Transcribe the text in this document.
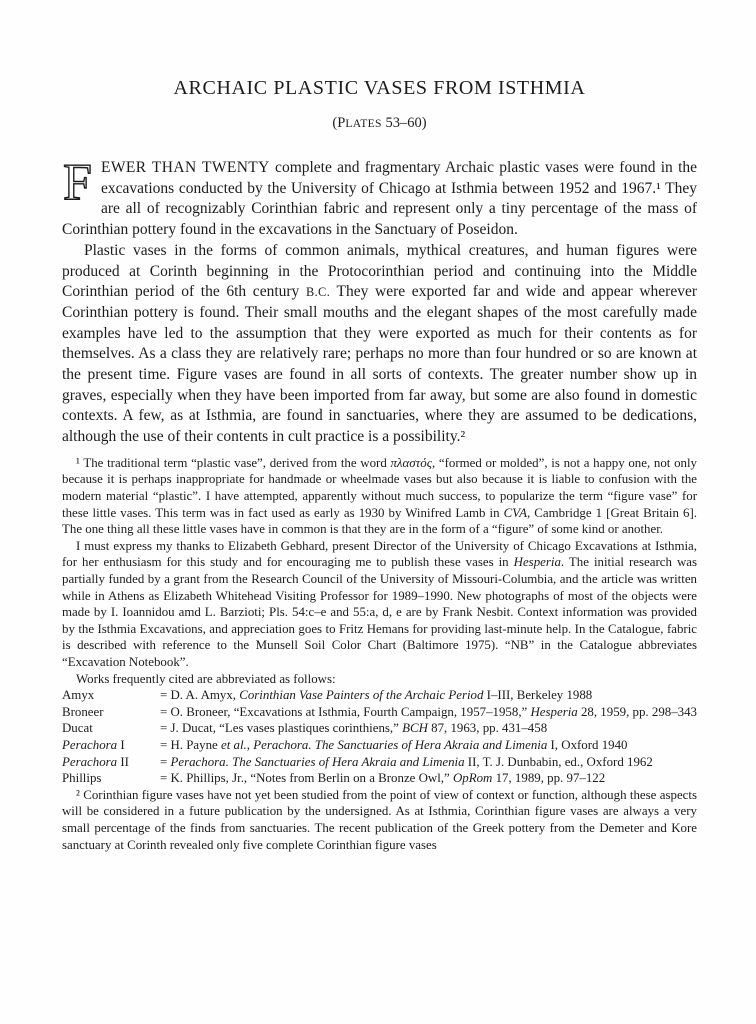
ARCHAIC PLASTIC VASES FROM ISTHMIA

(PLATES 53–60)

F EWER THAN TWENTY complete and fragmentary Archaic plastic vases were found in the excavations conducted by the University of Chicago at Isthmia between 1952 and 1967.¹ They are all of recognizably Corinthian fabric and represent only a tiny percentage of the mass of Corinthian pottery found in the excavations in the Sanctuary of Poseidon.

Plastic vases in the forms of common animals, mythical creatures, and human figures were produced at Corinth beginning in the Protocorinthian period and continuing into the Middle Corinthian period of the 6th century B.C. They were exported far and wide and appear wherever Corinthian pottery is found. Their small mouths and the elegant shapes of the most carefully made examples have led to the assumption that they were exported as much for their contents as for themselves. As a class they are relatively rare; perhaps no more than four hundred or so are known at the present time. Figure vases are found in all sorts of contexts. The greater number show up in graves, especially when they have been imported from far away, but some are also found in domestic contexts. A few, as at Isthmia, are found in sanctuaries, where they are assumed to be dedications, although the use of their contents in cult practice is a possibility.²

¹ The traditional term “plastic vase”, derived from the word πλαστός, “formed or molded”, is not a happy one, not only because it is perhaps inappropriate for handmade or wheelmade vases but also because it is liable to confusion with the modern material “plastic”. I have attempted, apparently without much success, to popularize the term “figure vase” for these little vases. This term was in fact used as early as 1930 by Winifred Lamb in CVA, Cambridge 1 [Great Britain 6]. The one thing all these little vases have in common is that they are in the form of a “figure” of some kind or another.

I must express my thanks to Elizabeth Gebhard, present Director of the University of Chicago Excavations at Isthmia, for her enthusiasm for this study and for encouraging me to publish these vases in Hesperia. The initial research was partially funded by a grant from the Research Council of the University of Missouri-Columbia, and the article was written while in Athens as Elizabeth Whitehead Visiting Professor for 1989–1990. New photographs of most of the objects were made by I. Ioannidou amd L. Barzioti; Pls. 54:c–e and 55:a, d, e are by Frank Nesbit. Context information was provided by the Isthmia Excavations, and appreciation goes to Fritz Hemans for providing last-minute help. In the Catalogue, fabric is described with reference to the Munsell Soil Color Chart (Baltimore 1975). “NB” in the Catalogue abbreviates “Excavation Notebook”.

Works frequently cited are abbreviated as follows:

Amyx	= D. A. Amyx, Corinthian Vase Painters of the Archaic Period I–III, Berkeley 1988
Broneer	= O. Broneer, “Excavations at Isthmia, Fourth Campaign, 1957–1958,” Hesperia 28, 1959, pp. 298–343
Ducat	= J. Ducat, “Les vases plastiques corinthiens,” BCH 87, 1963, pp. 431–458
Perachora I	= H. Payne et al., Perachora. The Sanctuaries of Hera Akraia and Limenia I, Oxford 1940
Perachora II	= Perachora. The Sanctuaries of Hera Akraia and Limenia II, T. J. Dunbabin, ed., Oxford 1962
Phillips	= K. Phillips, Jr., “Notes from Berlin on a Bronze Owl,” OpRom 17, 1989, pp. 97–122

² Corinthian figure vases have not yet been studied from the point of view of context or function, although these aspects will be considered in a future publication by the undersigned. As at Isthmia, Corinthian figure vases are always a very small percentage of the finds from sanctuaries. The recent publication of the Greek pottery from the Demeter and Kore sanctuary at Corinth revealed only five complete Corinthian figure vases
